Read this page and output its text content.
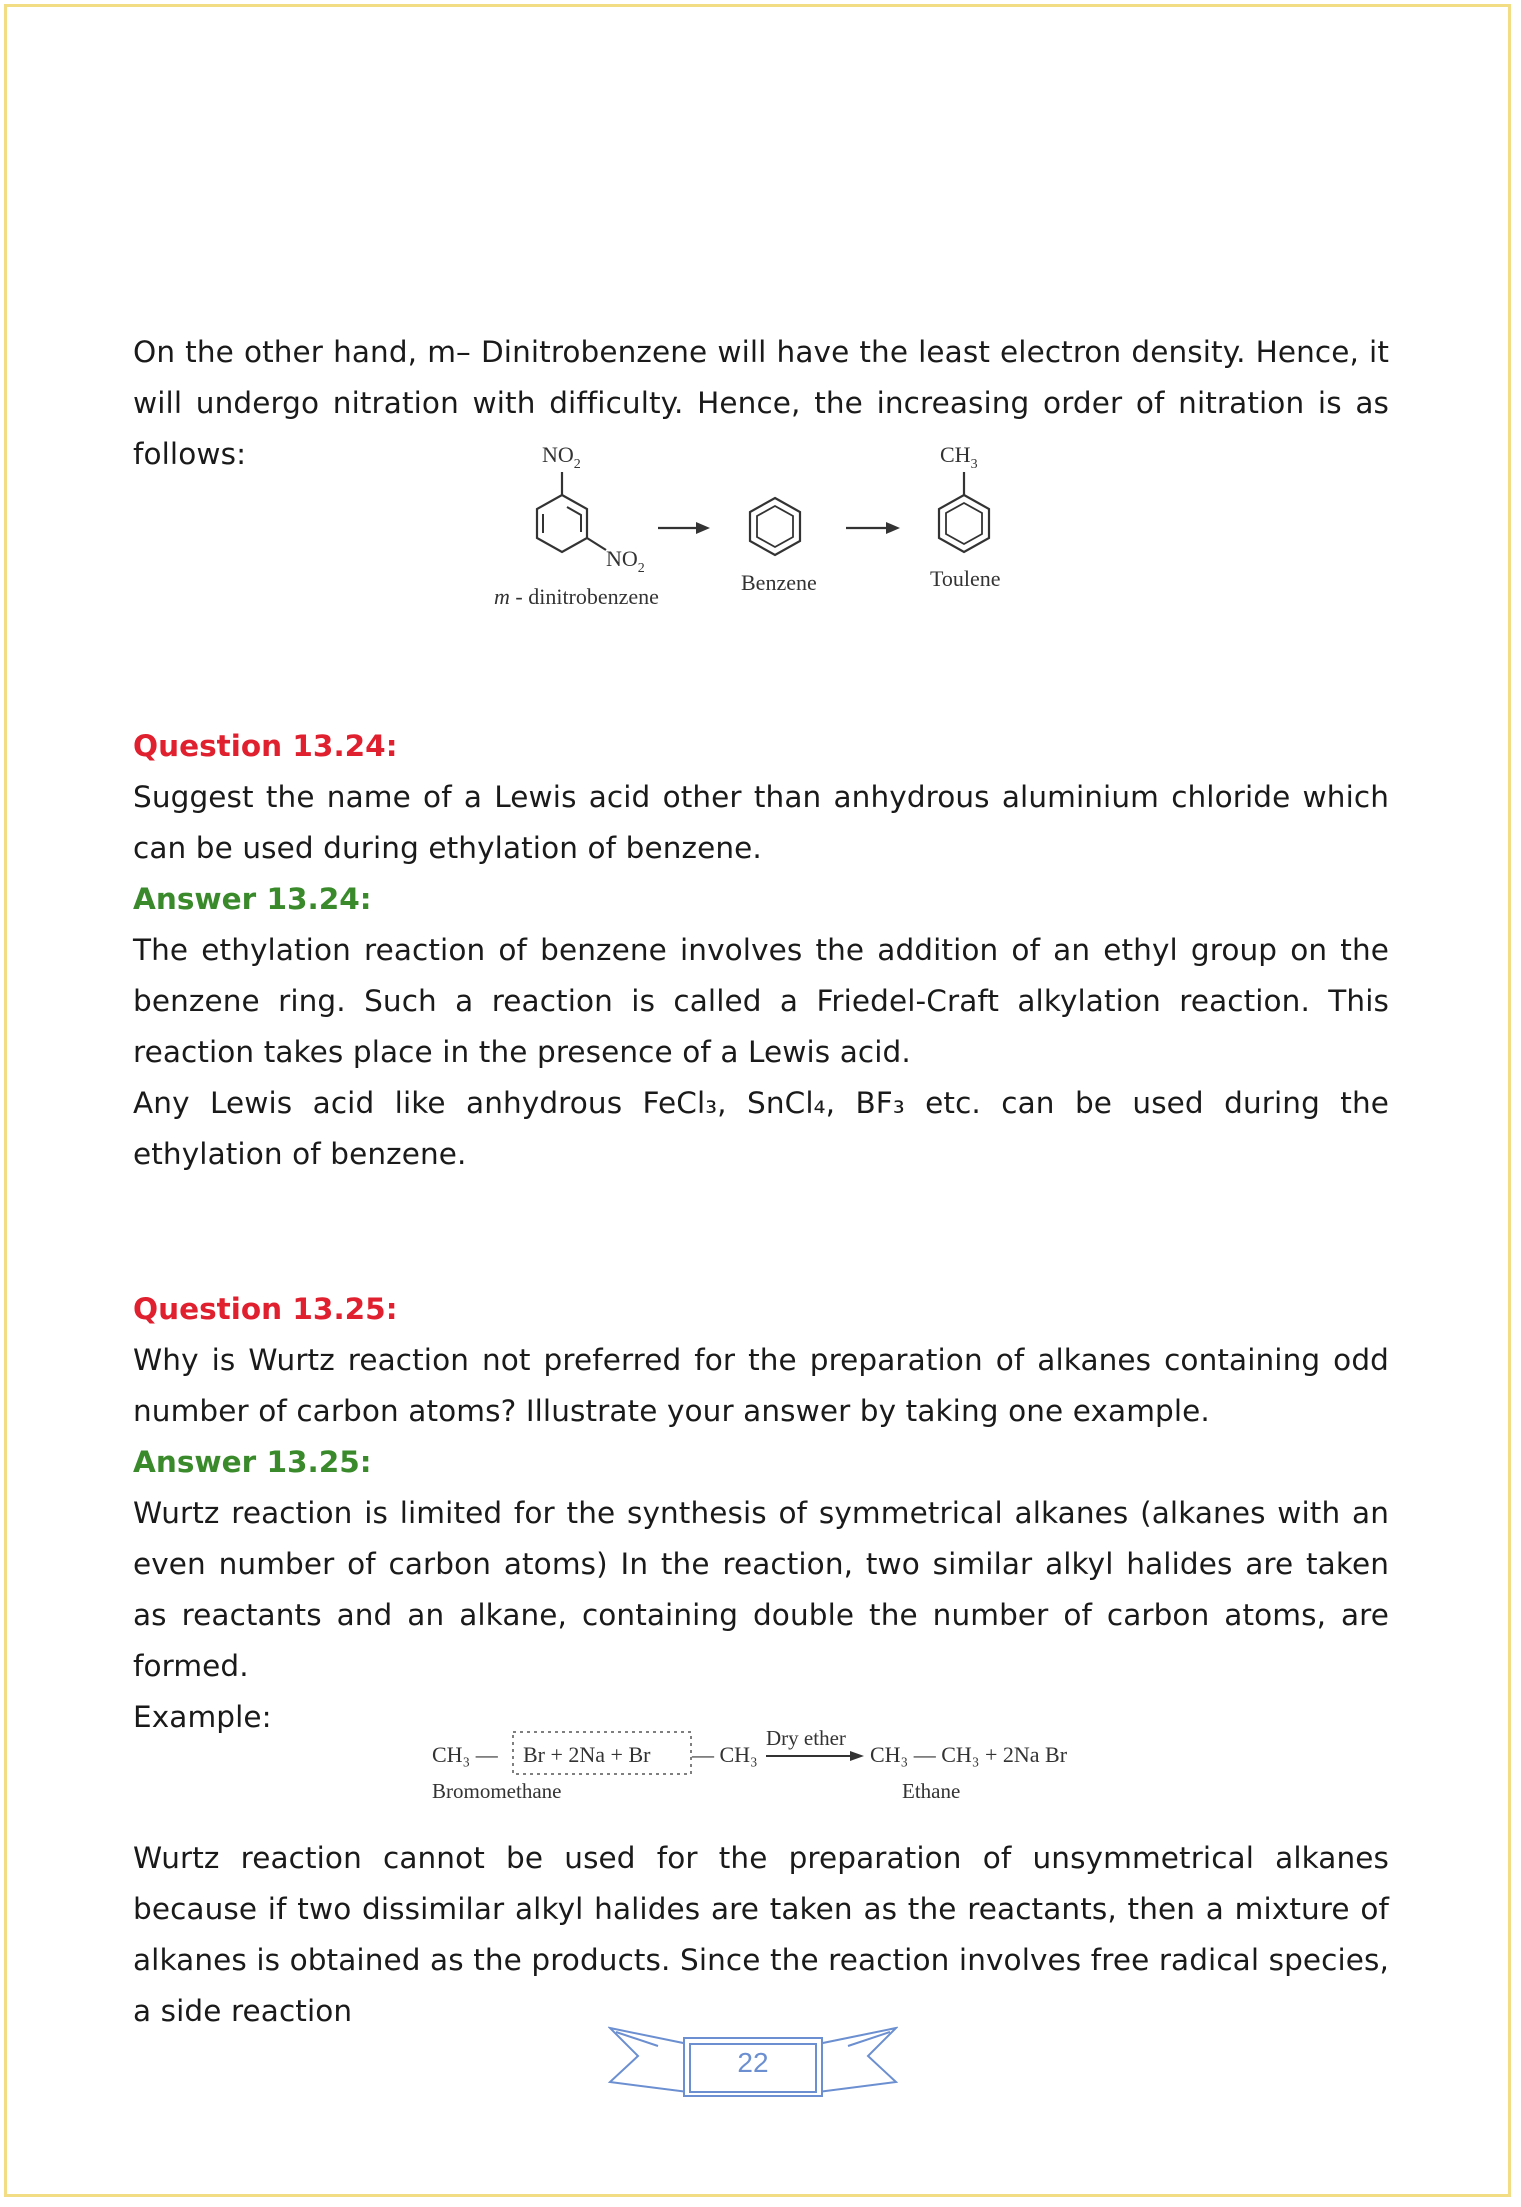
On the other hand, m– Dinitrobenzene will have the least electron density. Hence, it will undergo nitration with difficulty. Hence, the increasing order of nitration is as follows:	$NO_2$
$NO_2$
m - dinitrobenzene
Benzene
$CH_3$
Toulene

Question 13.24:

Suggest the name of a Lewis acid other than anhydrous aluminium chloride which can be used during ethylation of benzene.

Answer 13.24:

The ethylation reaction of benzene involves the addition of an ethyl group on the benzene ring. Such a reaction is called a Friedel-Craft alkylation reaction. This reaction takes place in the presence of a Lewis acid.

Any Lewis acid like anhydrous FeCl₃, SnCl₄, BF₃ etc. can be used during the ethylation of benzene.

Question 13.25:

Why is Wurtz reaction not preferred for the preparation of alkanes containing odd number of carbon atoms? Illustrate your answer by taking one example.

Answer 13.25:

Wurtz reaction is limited for the synthesis of symmetrical alkanes (alkanes with an even number of carbon atoms) In the reaction, two similar alkyl halides are taken as reactants and an alkane, containing double the number of carbon atoms, are formed.

Example:

CH₃ — Br + 2Na + Br — CH₃
Bromomethane
Dry ether
CH₃ — CH₃ + 2Na Br
Ethane

Wurtz reaction cannot be used for the preparation of unsymmetrical alkanes because if two dissimilar alkyl halides are taken as the reactants, then a mixture of alkanes is obtained as the products. Since the reaction involves free radical species, a side reaction

22
